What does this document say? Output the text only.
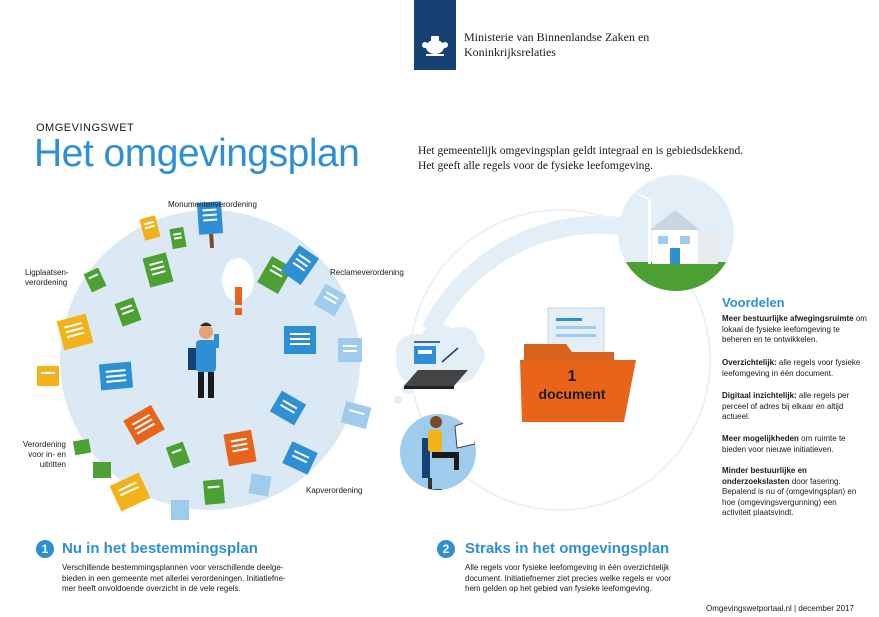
Ministerie van Binnenlandse Zaken en
Koninkrijksrelaties
OMGEVINGSWET
Het omgevingsplan	Het gemeentelijk omgevingsplan geldt integraal en is gebiedsdekkend.
Het geeft alle regels voor de fysieke leefomgeving.
Monumentenverordening
Reclameverordening
Ligplaatsen-
verordening
Verordening
voor in- en
uitritten
Kapverordening
1
document
Voordelen
Meer bestuurlijke afwegingsruimte om lokaal de fysieke leefomgeving te beheren en te ontwikkelen.
Overzichtelijk: alle regels voor fysieke leefomgeving in één document.
Digitaal inzichtelijk: alle regels per perceel of adres bij elkaar en altijd actueel.
Meer mogelijkheden om ruimte te bieden voor nieuwe initiatieven.
Minder bestuurlijke en onderzoekslasten door fasering. Bepalend is nu of (omgevingsplan) en hoe (omgevingsvergunning) een activiteit plaatsvindt.
1 Nu in het bestemmingsplan
Verschillende bestemmingsplannen voor verschillende deelge-
bieden in een gemeente met allerlei verordeningen. Initiatiefne-
mer heeft onvoldoende overzicht in de vele regels.
2	Straks in het omgevingsplan
Alle regels voor fysieke leefomgeving in één overzichtelijk
document. Initiatiefnemer ziet precies welke regels er voor
hem gelden op het gebied van fysieke leefomgeving.
Omgevingswetportaal.nl | december 2017
